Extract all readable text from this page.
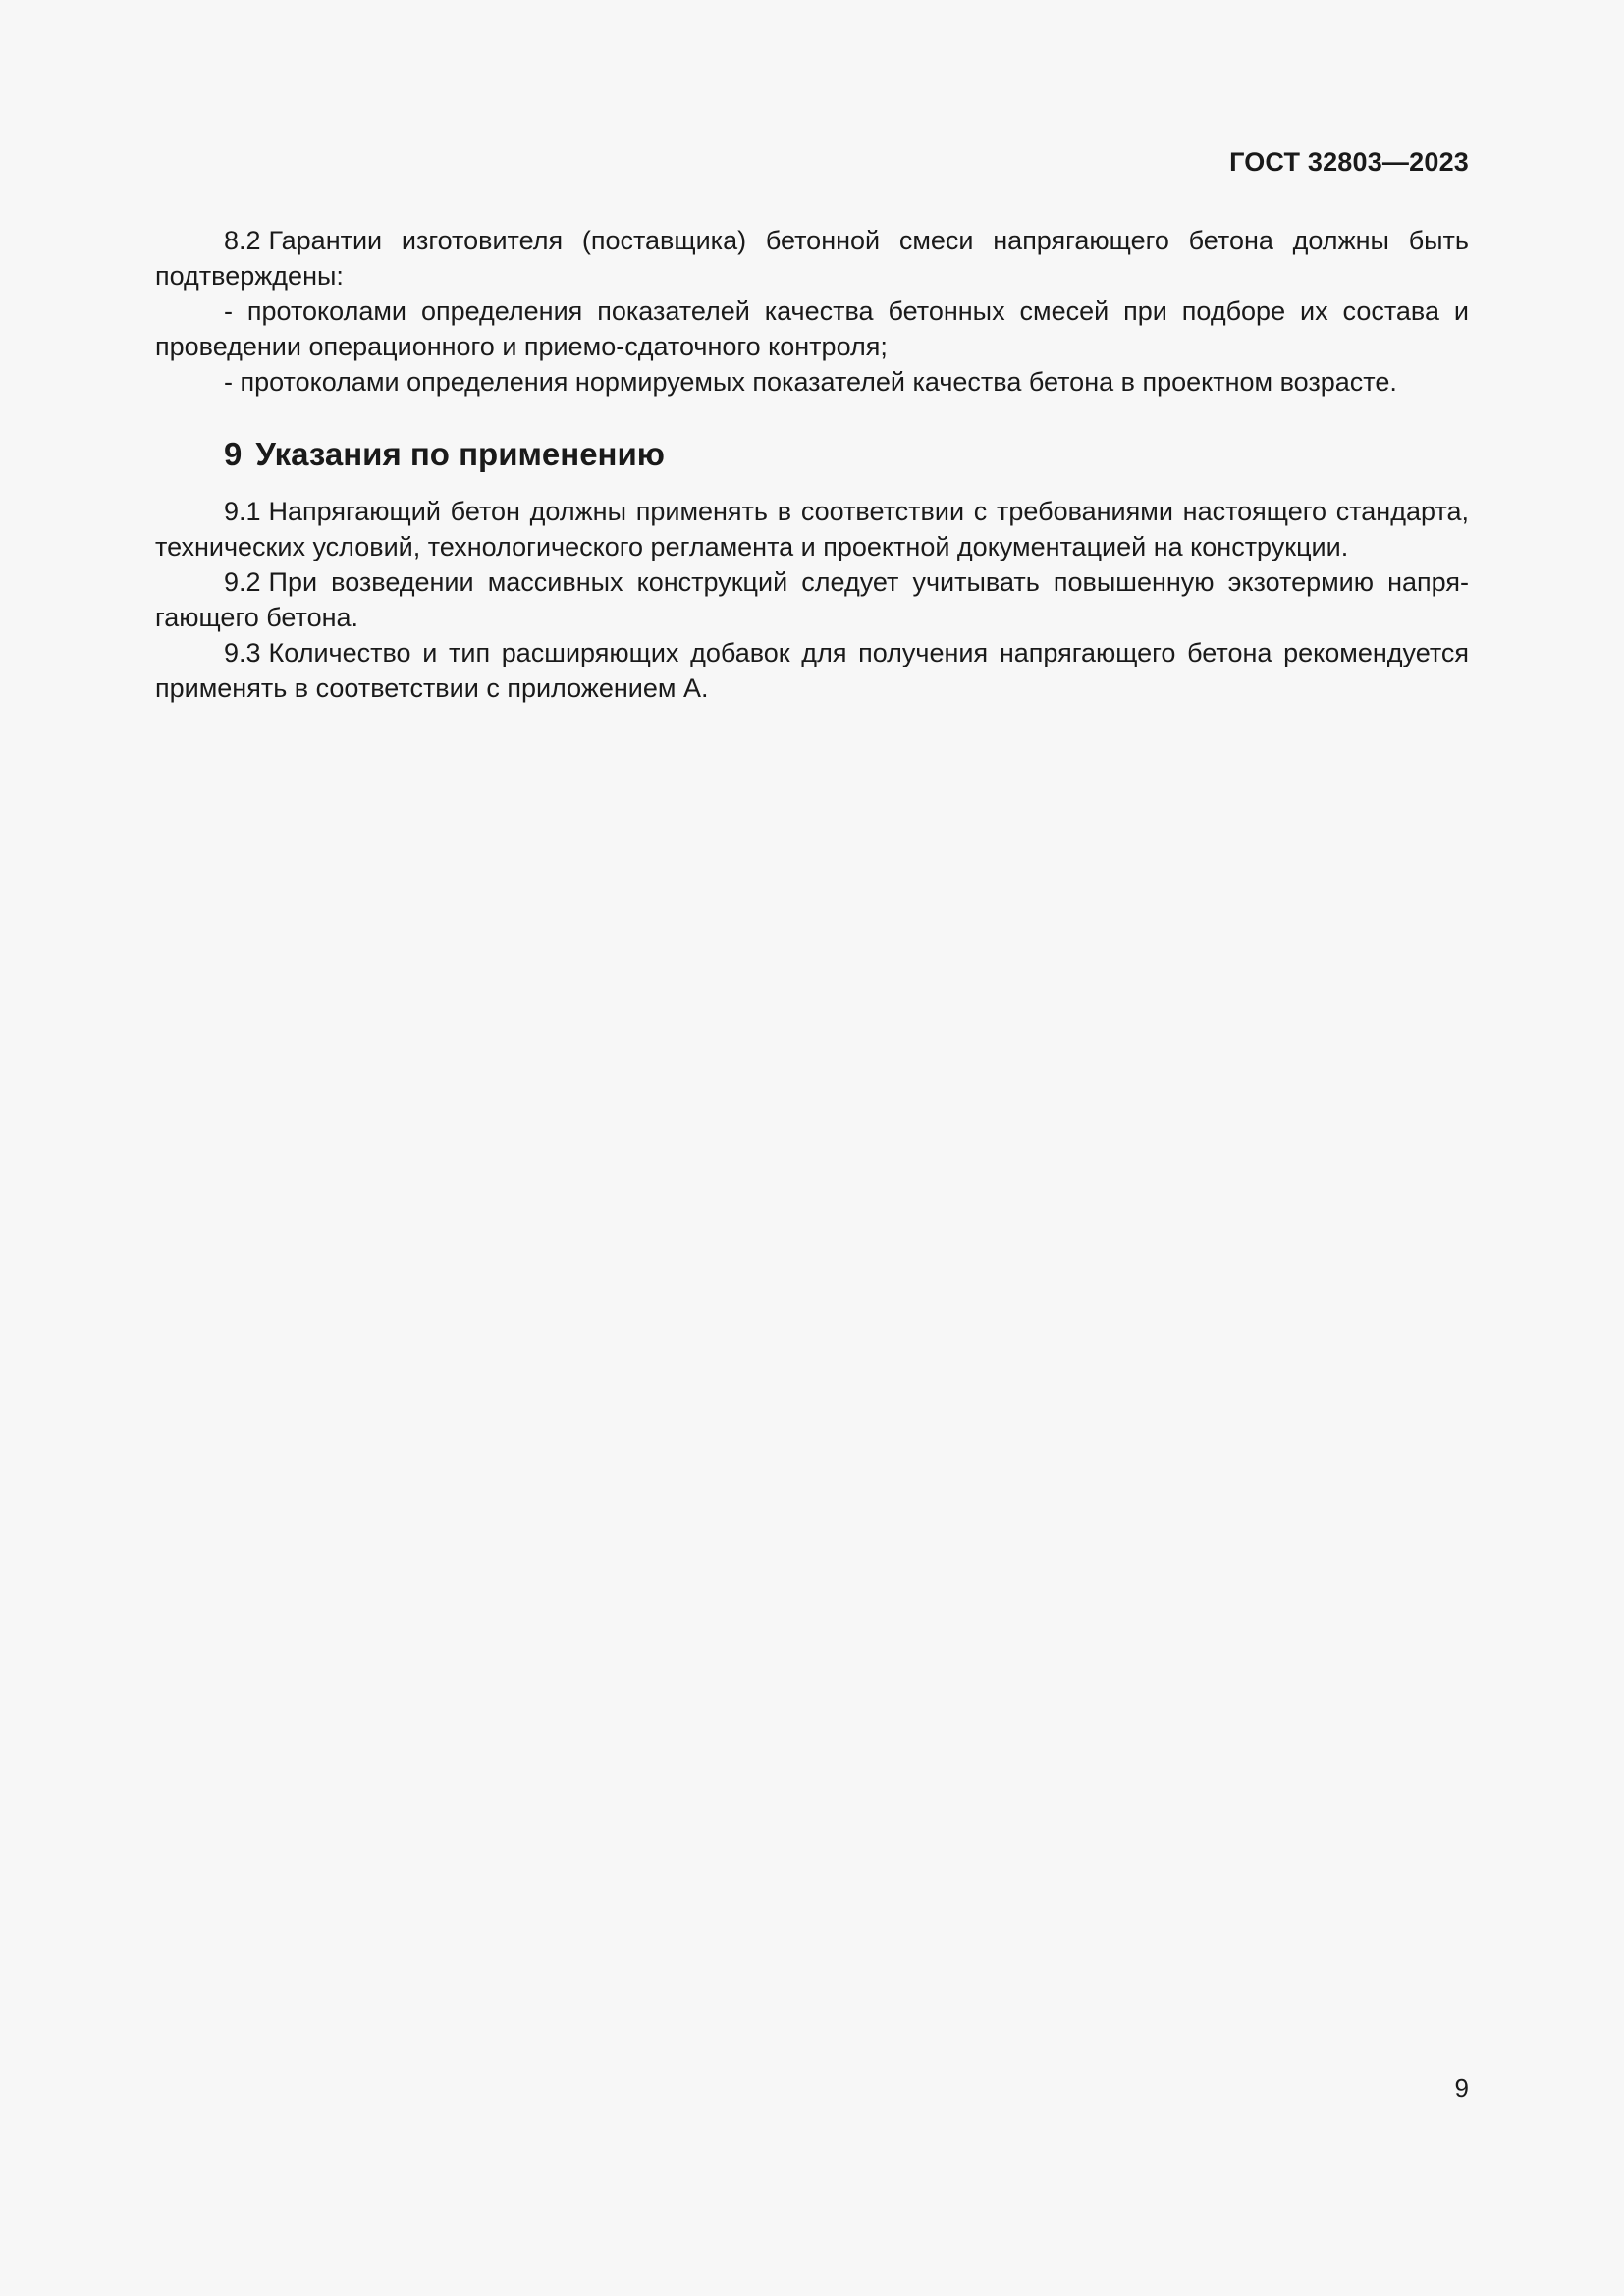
ГОСТ 32803—2023

8.2 Гарантии изготовителя (поставщика) бетонной смеси напрягающего бетона должны быть подтверждены:

- протоколами определения показателей качества бетонных смесей при подборе их состава и проведении операционного и приемо-сдаточного контроля;

- протоколами определения нормируемых показателей качества бетона в проектном возрасте.

9 Указания по применению

9.1 Напрягающий бетон должны применять в соответствии с требованиями настоящего стандарта, технических условий, технологического регламента и проектной документацией на конструкции.

9.2 При возведении массивных конструкций следует учитывать повышенную экзотермию напрягающего бетона.

9.3 Количество и тип расширяющих добавок для получения напрягающего бетона рекомендуется применять в соответствии с приложением А.

9
